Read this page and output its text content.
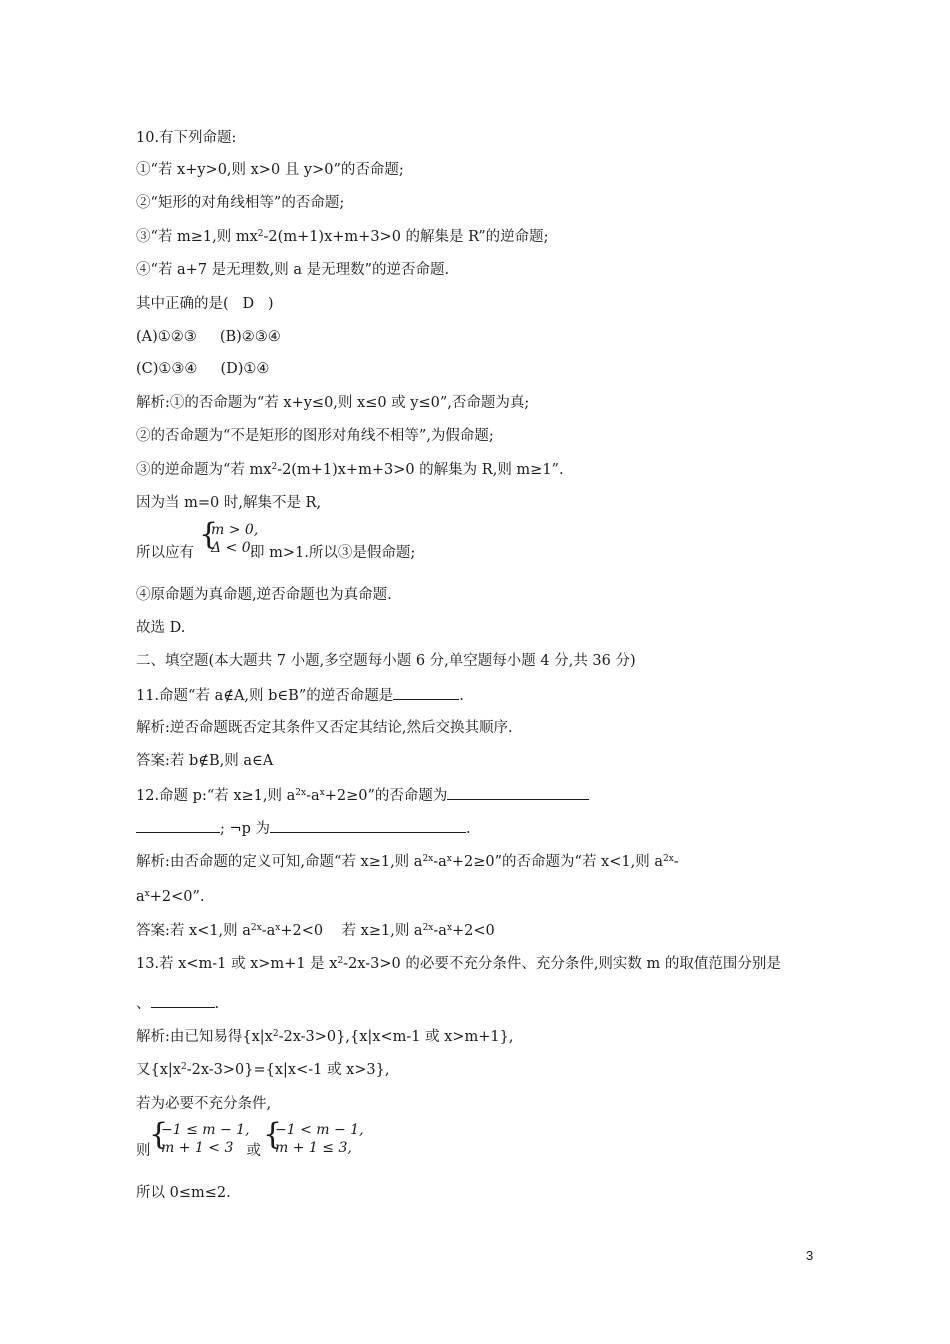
10.有下列命题:
①“若 x+y>0,则 x>0 且 y>0”的否命题;
②“矩形的对角线相等”的否命题;
③“若 m≥1,则 $mx^2-2(m+1)x+m+3>0$ 的解集是 R”的逆命题;
④“若 a+7 是无理数,则 a 是无理数”的逆否命题.
其中正确的是(   D   )
(A)①②③     (B)②③④
(C)①③④     (D)①④
解析:①的否命题为“若 x+y≤0,则 x≤0 或 y≤0”,否命题为真;
②的否命题为“不是矩形的图形对角线不相等”,为假命题;
③的逆命题为“若 $mx^2-2(m+1)x+m+3>0$ 的解集为 R,则 m≥1”.
因为当 m=0 时,解集不是 R,
所以应有	即 m>1.所以③是假命题;
{
m > 0,
Δ < 0,
④原命题为真命题,逆否命题也为真命题.
故选 D.
二、填空题(本大题共 7 小题,多空题每小题 6 分,单空题每小题 4 分,共 36 分)
11.命题“若 a∉A,则 b∈B”的逆否命题是	.
解析:逆否命题既否定其条件又否定其结论,然后交换其顺序.
答案:若 b∉B,则 a∈A
12.命题 p:“若 x≥1,则 $a^{2x}-a^x+2\ge 0$”的否命题为
; ¬p 为	.
解析:由否命题的定义可知,命题“若 x≥1,则 $a^{2x}-a^x+2\ge 0$”的否命题为“若 x<1,则 $a^{2x}-$
$a^x+2<0$”.
答案:若 x<1,则 $a^{2x}-a^x+2<0$    若 x≥1,则 $a^{2x}-a^x+2<0$
13.若 x<m-1 或 x>m+1 是 $x^2-2x-3>0$ 的必要不充分条件、充分条件,则实数 m 的取值范围分别是
、	.
解析:由已知易得$\{x|x^2-2x-3>0\},\{x|x<m-1$ 或 x>m+1},
又$\{x|x^2-2x-3>0\}=\{x|x<-1$ 或 x>3},
若为必要不充分条件,
则	或
{
−1 ≤ m − 1,
m + 1 < 3 {
−1 < m − 1,
m + 1 ≤ 3,
所以 0≤m≤2.
3
